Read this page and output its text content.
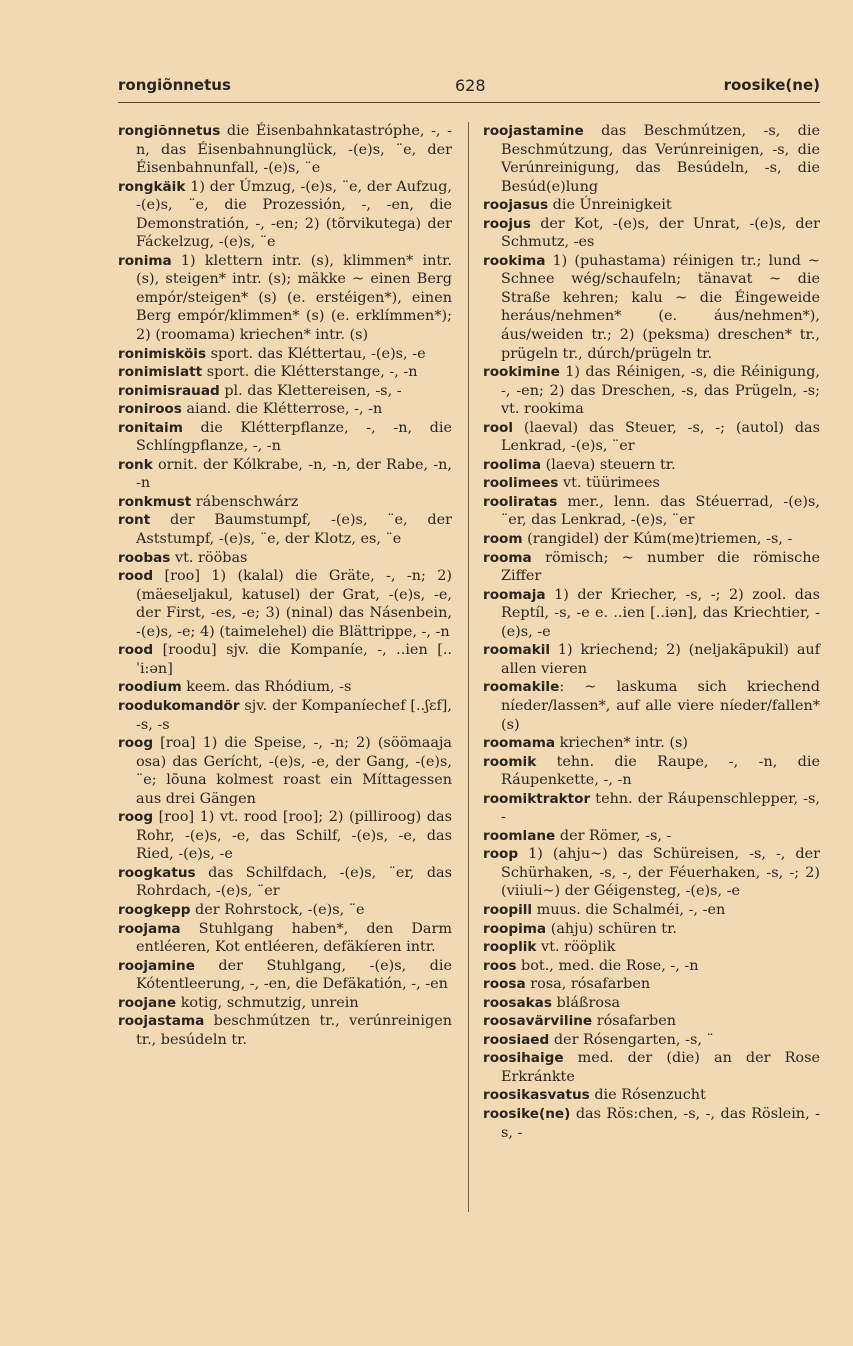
rongiõnnetus	628	roosike(ne)

rongiõnnetus die Éisenbahnkatastróphe, -, -n, das Éisenbahnunglück, -(e)s, ¨e, der Éisenbahnunfall, -(e)s, ¨e

rongkäik 1) der Úmzug, -(e)s, ¨e, der Aufzug, -(e)s, ¨e, die Prozessión, -, -en, die Demonstratión, -, -en; 2) (tõrvikutega) der Fáckelzug, -(e)s, ¨e

ronima 1) klettern intr. (s), klimmen* intr. (s), steigen* intr. (s); mäkke ~ einen Berg empór/steigen* (s) (e. erstéigen*), einen Berg empór/klimmen* (s) (e. erklímmen*); 2) (roomama) kriechen* intr. (s)

ronimisköis sport. das Kléttertau, -(e)s, -e

ronimislatt sport. die Klétterstange, -, -n

ronimisrauad pl. das Klettereisen, -s, -

roniroos aiand. die Klétterrose, -, -n

ronitaim die Klétterpflanze, -, -n, die Schlíngpflanze, -, -n

ronk ornit. der Kólkrabe, -n, -n, der Rabe, -n, -n

ronkmust rábenschwárz

ront der Baumstumpf, -(e)s, ¨e, der Aststumpf, -(e)s, ¨e, der Klotz, es, ¨e

roobas vt. rööbas

rood [roo] 1) (kalal) die Gräte, -, -n; 2) (mäeseljakul, katusel) der Grat, -(e)s, -e, der First, -es, -e; 3) (ninal) das Násenbein, -(e)s, -e; 4) (taimelehel) die Blättrippe, -, -n

rood [roodu] sjv. die Kompaníe, -, ..ien [..ˈi:ən]

roodium keem. das Rhódium, -s

roodukomandör sjv. der Kompaníechef [..ʃɛf], -s, -s

roog [roa] 1) die Speise, -, -n; 2) (söömaaja osa) das Gerícht, -(e)s, -e, der Gang, -(e)s, ¨e; lõuna kolmest roast ein Míttagessen aus drei Gängen

roog [roo] 1) vt. rood [roo]; 2) (pilliroog) das Rohr, -(e)s, -e, das Schilf, -(e)s, -e, das Ried, -(e)s, -e

roogkatus das Schilfdach, -(e)s, ¨er, das Rohrdach, -(e)s, ¨er

roogkepp der Rohrstock, -(e)s, ¨e

roojama Stuhlgang haben*, den Darm entléeren, Kot entléeren, defäkíeren intr.

roojamine der Stuhlgang, -(e)s, die Kótentleerung, -, -en, die Defäkatión, -, -en

roojane kotig, schmutzig, unrein

roojastama beschmútzen tr., verúnreinigen tr., besúdeln tr.

roojastamine das Beschmútzen, -s, die Beschmútzung, das Verúnreinigen, -s, die Verúnreinigung, das Besúdeln, -s, die Besúd(e)lung

roojasus die Únreinigkeit

roojus der Kot, -(e)s, der Unrat, -(e)s, der Schmutz, -es

rookima 1) (puhastama) réinigen tr.; lund ~ Schnee wég/schaufeln; tänavat ~ die Straße kehren; kalu ~ die Éingeweide heráus/nehmen* (e. áus/nehmen*), áus/weiden tr.; 2) (peksma) dreschen* tr., prügeln tr., dúrch/prügeln tr.

rookimine 1) das Réinigen, -s, die Réinigung, -, -en; 2) das Dreschen, -s, das Prügeln, -s; vt. rookima

rool (laeval) das Steuer, -s, -; (autol) das Lenkrad, -(e)s, ¨er

roolima (laeva) steuern tr.

roolimees vt. tüürimees

rooliratas mer., lenn. das Stéuerrad, -(e)s, ¨er, das Lenkrad, -(e)s, ¨er

room (rangidel) der Kúm(me)triemen, -s, -

rooma römisch; ~ number die römische Ziffer

roomaja 1) der Kriecher, -s, -; 2) zool. das Reptíl, -s, -e e. ..ien [..iən], das Kriechtier, -(e)s, -e

roomakil 1) kriechend; 2) (neljakäpukil) auf allen vieren

roomakile: ~ laskuma sich kriechend níeder/lassen*, auf alle viere níeder/fallen* (s)

roomama kriechen* intr. (s)

roomik tehn. die Raupe, -, -n, die Ráupenkette, -, -n

roomiktraktor tehn. der Ráupenschlepper, -s, -

roomlane der Römer, -s, -

roop 1) (ahju~) das Schüreisen, -s, -, der Schürhaken, -s, -, der Féuerhaken, -s, -; 2) (viiuli~) der Géigensteg, -(e)s, -e

roopill muus. die Schalméi, -, -en

roopima (ahju) schüren tr.

rooplik vt. rööplik

roos bot., med. die Rose, -, -n

roosa rosa, rósafarben

roosakas bláßrosa

roosavärviline rósafarben

roosiaed der Rósengarten, -s, ¨

roosihaige med. der (die) an der Rose Erkránkte

roosikasvatus die Rósenzucht

roosike(ne) das Rös:chen, -s, -, das Röslein, -s, -
